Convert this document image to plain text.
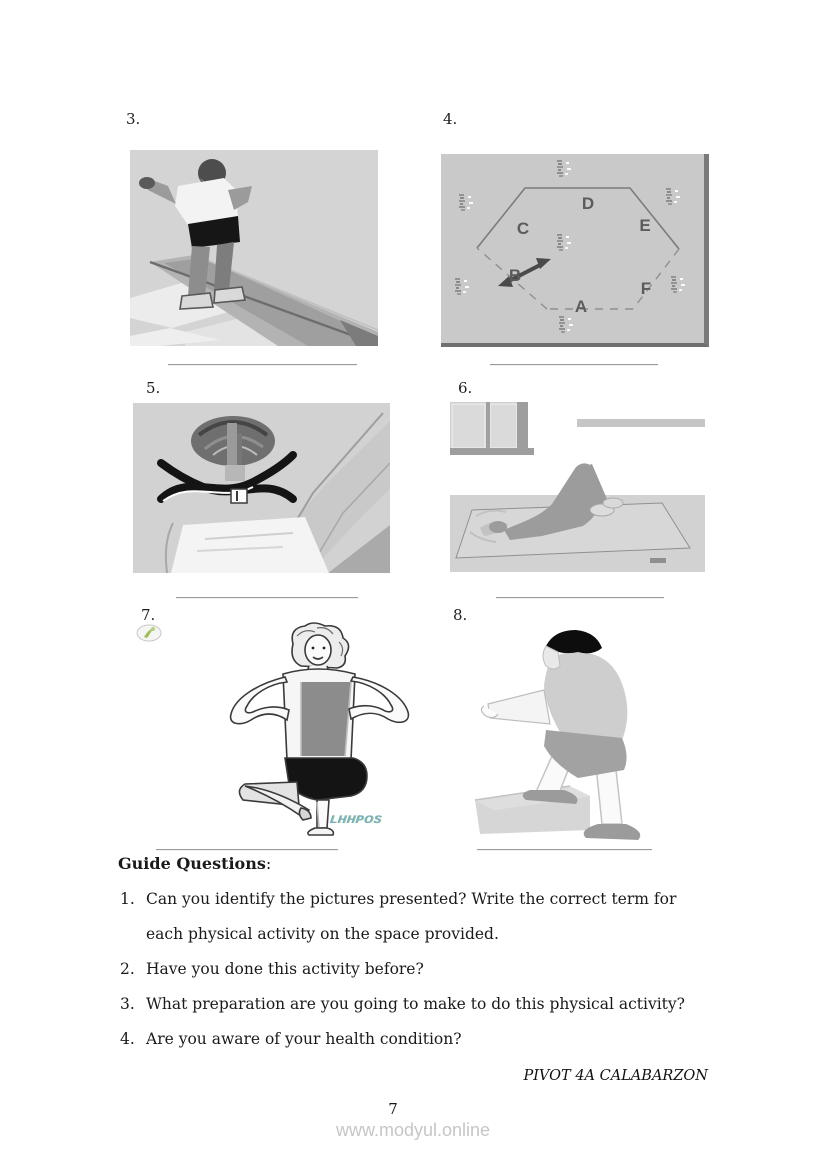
3.
___________________________
4.
A
B
C
D
E
F
________________________
5.
__________________________
6.
________________________
7.
LHHPOS
__________________________
8.
_________________________
Guide Questions:
1. Can you identify the pictures presented? Write the correct term for each physical activity on the space provided.
2. Have you done this activity before?
3. What preparation are you going to make to do this physical activity?
4. Are you aware of your health condition?
PIVOT 4A CALABARZON
7
www.modyul.online
